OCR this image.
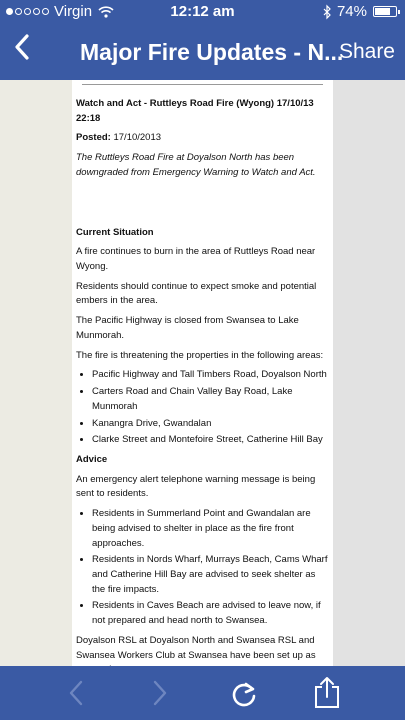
Virgin	12:12 am	74%
Major Fire Updates - N...
Share

Watch and Act - Ruttleys Road Fire (Wyong) 17/10/13 22:18

Posted: 17/10/2013

The Ruttleys Road Fire at Doyalson North has been downgraded from Emergency Warning to Watch and Act.

Current Situation

A fire continues to burn in the area of Ruttleys Road near Wyong.

Residents should continue to expect smoke and potential embers in the area.

The Pacific Highway is closed from Swansea to Lake Munmorah.

The fire is threatening the properties in the following areas:

• Pacific Highway and Tall Timbers Road, Doyalson North
• Carters Road and Chain Valley Bay Road, Lake Munmorah
• Kanangra Drive, Gwandalan
• Clarke Street and Montefoire Street, Catherine Hill Bay

Advice

An emergency alert telephone warning message is being sent to residents.

• Residents in Summerland Point and Gwandalan are being advised to shelter in place as the fire front approaches.
• Residents in Nords Wharf, Murrays Beach, Cams Wharf and Catherine Hill Bay are advised to seek shelter as the fire impacts.
• Residents in Caves Beach are advised to leave now, if not prepared and head north to Swansea.

Doyalson RSL at Doyalson North and Swansea RSL and Swansea Workers Club at Swansea have been set up as
